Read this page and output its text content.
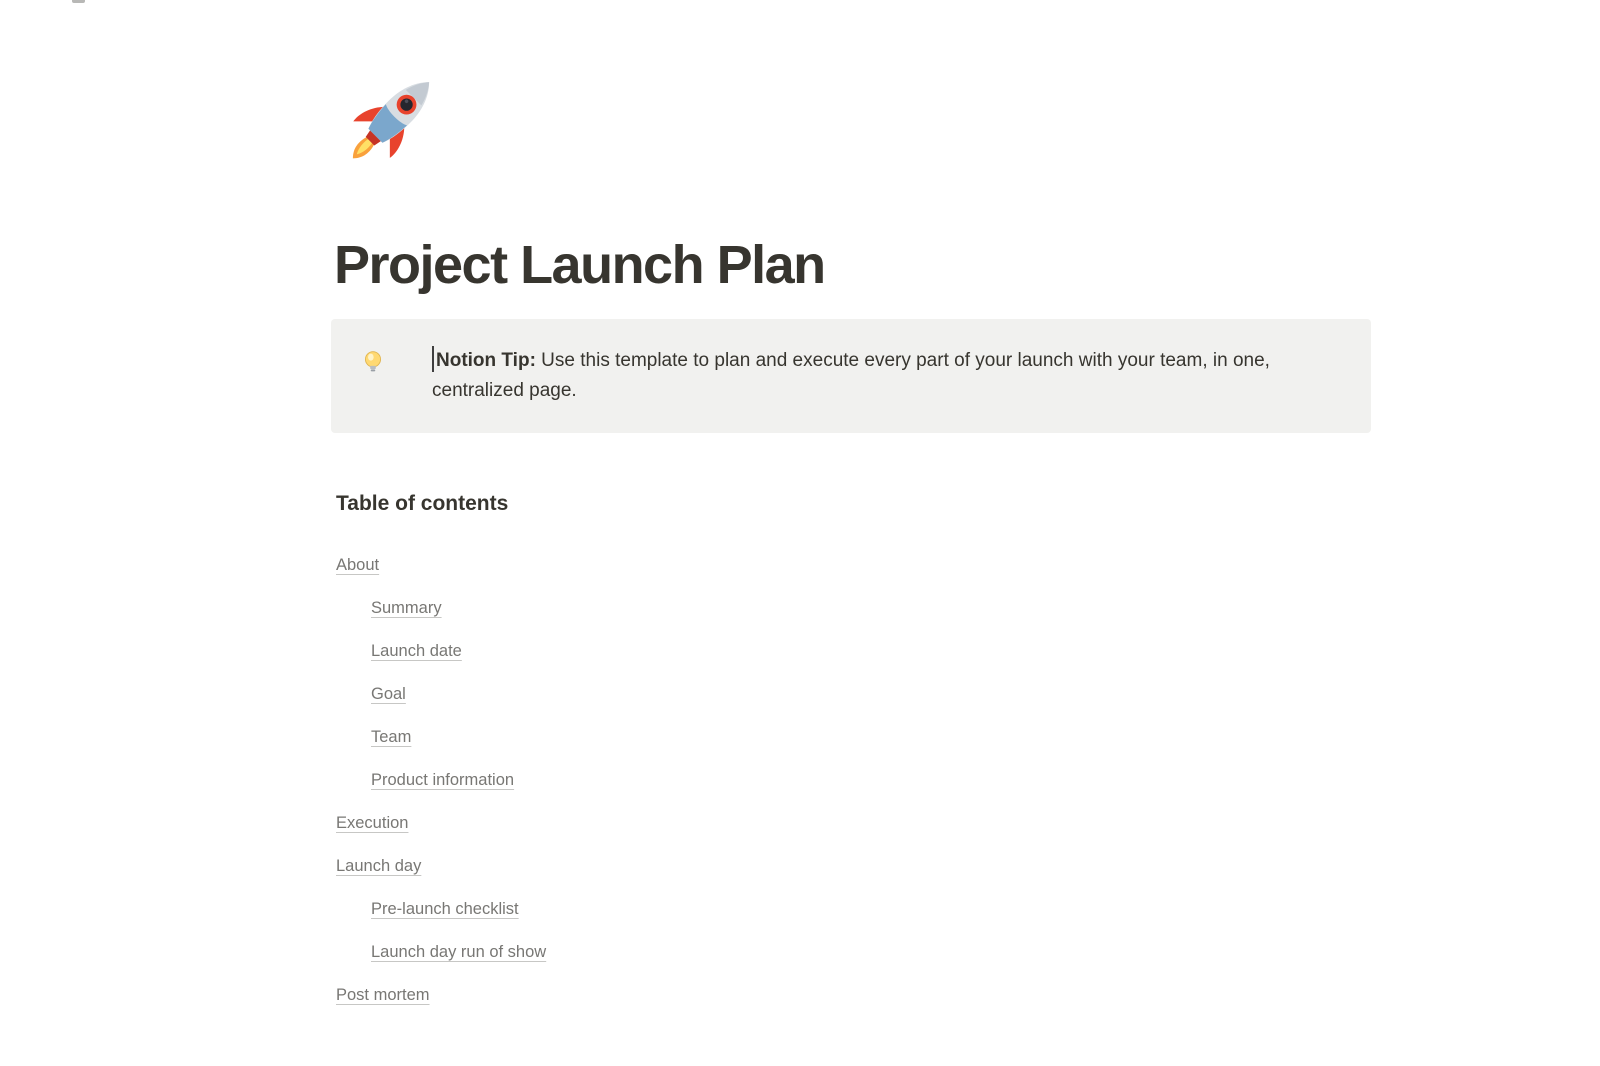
Project Launch Plan
Notion Tip: Use this template to plan and execute every part of your launch with your team, in one, centralized page.
Table of contents
About
Summary
Launch date
Goal
Team
Product information
Execution
Launch day
Pre-launch checklist
Launch day run of show
Post mortem
